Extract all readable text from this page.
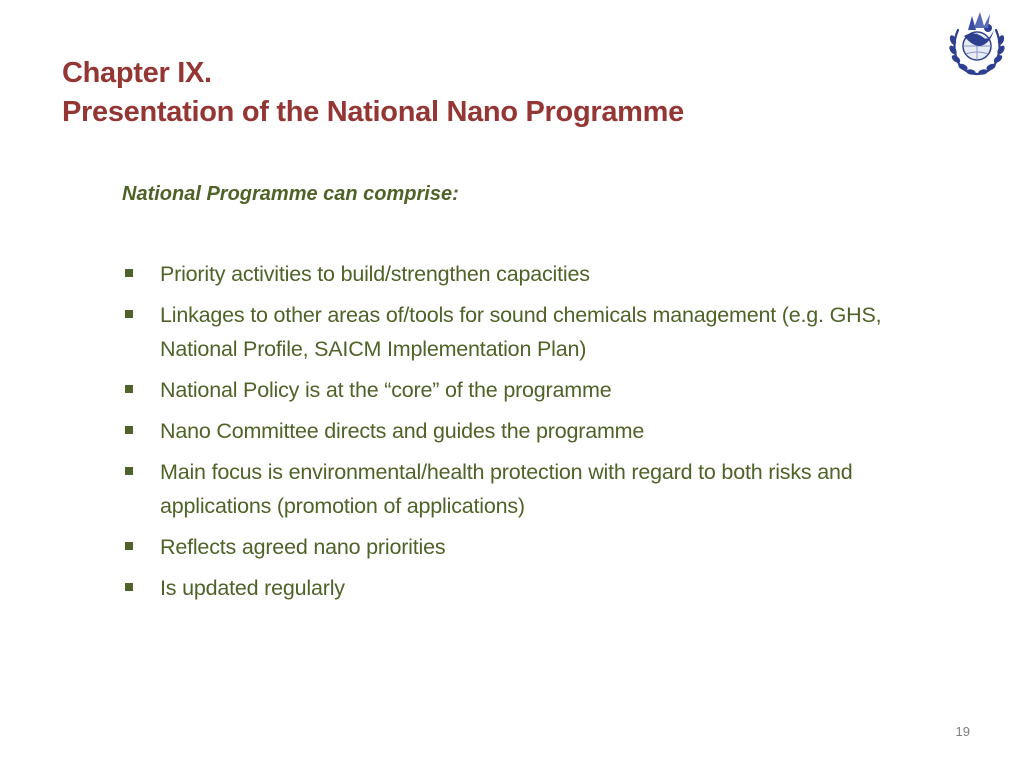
Chapter IX.
Presentation of the National Nano Programme
National Programme can comprise:
Priority activities to build/strengthen capacities
Linkages to other areas of/tools for sound chemicals management (e.g. GHS, National Profile, SAICM Implementation Plan)
National Policy is at the “core” of the programme
Nano Committee directs and guides the programme
Main focus is environmental/health protection with regard to both risks and applications (promotion of applications)
Reflects agreed nano priorities
Is updated regularly
19
